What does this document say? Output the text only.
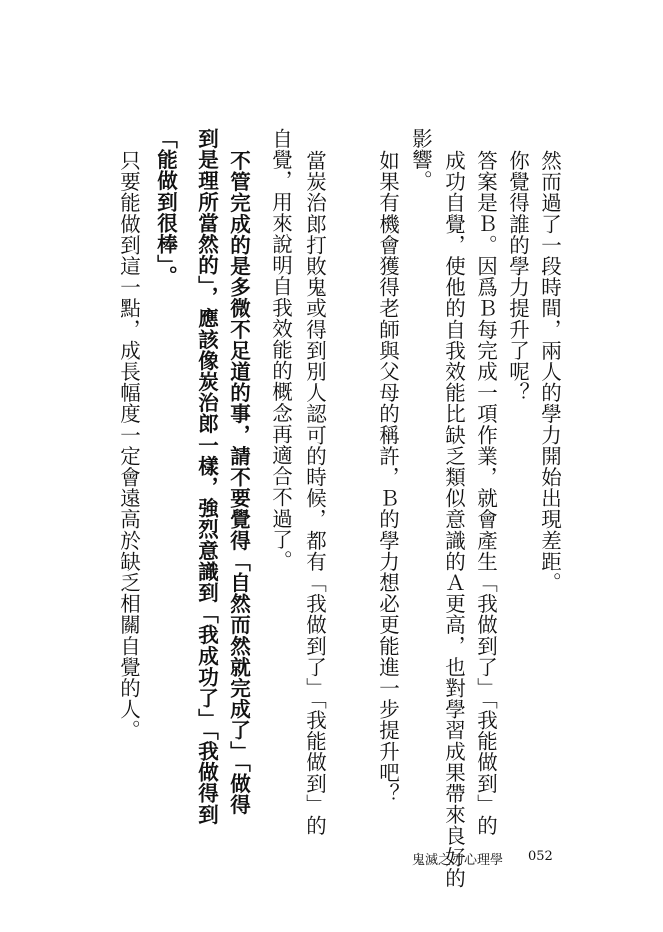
然而過了一段時間，兩人的學力開始出現差距。
你覺得誰的學力提升了呢？
答案是Ｂ。因爲Ｂ每完成一項作業，就會產生「我做到了」「我能做到」的
成功自覺，使他的自我效能比缺乏類似意識的Ａ更高，也對學習成果帶來良好的
影響。
如果有機會獲得老師與父母的稱許，Ｂ的學力想必更能進一步提升吧？
當炭治郎打敗鬼或得到別人認可的時候，都有「我做到了」「我能做到」的
自覺，用來說明自我效能的概念再適合不過了。
不管完成的是多微不足道的事，請不要覺得「自然而然就完成了」「做得
到是理所當然的」，應該像炭治郎一樣，強烈意識到「我成功了」「我做得到
「能做到很棒」。
只要能做到這一點，成長幅度一定會遠高於缺乏相關自覺的人。
鬼滅之刃心理學 052
